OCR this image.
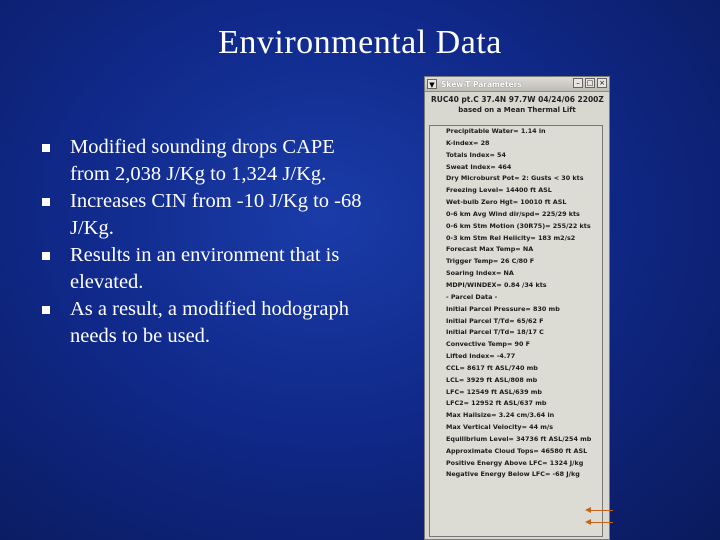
Environmental Data
Modified sounding drops CAPE from 2,038 J/Kg to 1,324 J/Kg.
Increases CIN from -10 J/Kg to -68 J/Kg.
Results in an environment that is elevated.
As a result, a modified hodograph needs to be used.
▼ Skew-T Parameters	– □ ×
RUC40 pt.C 37.4N 97.7W 04/24/06 2200Z
based on a Mean Thermal Lift
Precipitable Water= 1.14 in
K-Index= 28
Totals Index= 54
Sweat Index= 464
Dry Microburst Pot= 2: Gusts < 30 kts
Freezing Level= 14400 ft ASL
Wet-bulb Zero Hgt= 10010 ft ASL
0-6 km Avg Wind dir/spd= 225/29 kts
0-6 km Stm Motion (30R75)= 255/22 kts
0-3 km Stm Rel Helicity= 183 m2/s2
Forecast Max Temp= NA
Trigger Temp= 26 C/80 F
Soaring Index= NA
MDPI/WINDEX= 0.84 /34 kts
- Parcel Data -
Initial Parcel Pressure= 830 mb
Initial Parcel T/Td= 65/62 F
Initial Parcel T/Td= 18/17 C
Convective Temp= 90 F
Lifted Index= -4.77
CCL= 8617 ft ASL/740 mb
LCL= 3929 ft ASL/808 mb
LFC= 12549 ft ASL/639 mb
LFC2= 12952 ft ASL/637 mb
Max Hailsize= 3.24 cm/3.64 in
Max Vertical Velocity= 44 m/s
Equilibrium Level= 34736 ft ASL/254 mb
Approximate Cloud Tops= 46580 ft ASL
Positive Energy Above LFC= 1324 J/kg
Negative Energy Below LFC= -68 J/kg
